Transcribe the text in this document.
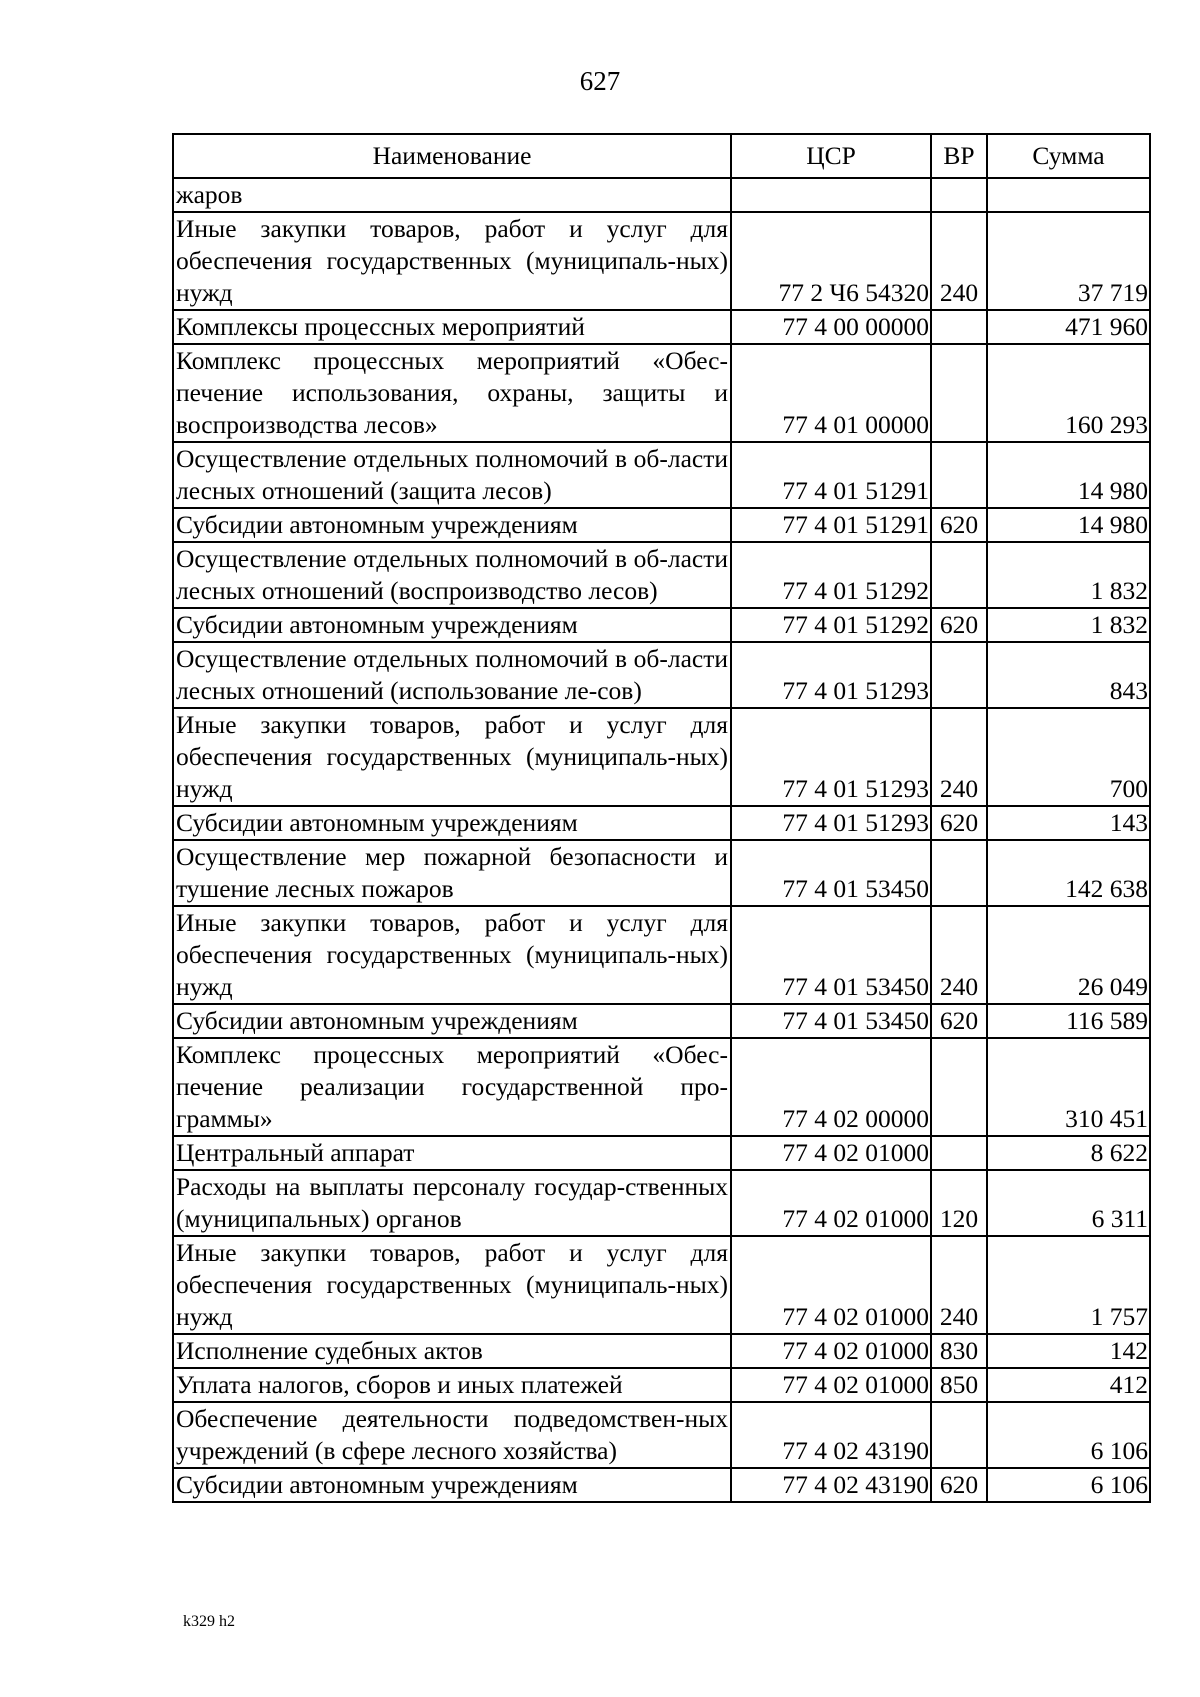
627
Наименование	ЦСР	ВР	Сумма
жаров			
Иные закупки товаров, работ и услуг для обеспечения государственных (муниципаль-ных) нужд	77 2 Ч6 54320	240	37 719
Комплексы процессных мероприятий	77 4 00 00000		471 960
Комплекс процессных мероприятий «Обес-печение использования, охраны, защиты и воспроизводства лесов»	77 4 01 00000		160 293
Осуществление отдельных полномочий в об-ласти лесных отношений (защита лесов)	77 4 01 51291		14 980
Субсидии автономным учреждениям	77 4 01 51291	620	14 980
Осуществление отдельных полномочий в об-ласти лесных отношений (воспроизводство лесов)	77 4 01 51292		1 832
Субсидии автономным учреждениям	77 4 01 51292	620	1 832
Осуществление отдельных полномочий в об-ласти лесных отношений (использование ле-сов)	77 4 01 51293		843
Иные закупки товаров, работ и услуг для обеспечения государственных (муниципаль-ных) нужд	77 4 01 51293	240	700
Субсидии автономным учреждениям	77 4 01 51293	620	143
Осуществление мер пожарной безопасности и тушение лесных пожаров	77 4 01 53450		142 638
Иные закупки товаров, работ и услуг для обеспечения государственных (муниципаль-ных) нужд	77 4 01 53450	240	26 049
Субсидии автономным учреждениям	77 4 01 53450	620	116 589
Комплекс процессных мероприятий «Обес-печение реализации государственной про-граммы»	77 4 02 00000		310 451
Центральный аппарат	77 4 02 01000		8 622
Расходы на выплаты персоналу государ-ственных (муниципальных) органов	77 4 02 01000	120	6 311
Иные закупки товаров, работ и услуг для обеспечения государственных (муниципаль-ных) нужд	77 4 02 01000	240	1 757
Исполнение судебных актов	77 4 02 01000	830	142
Уплата налогов, сборов и иных платежей	77 4 02 01000	850	412
Обеспечение деятельности подведомствен-ных учреждений (в сфере лесного хозяйства)	77 4 02 43190		6 106
Субсидии автономным учреждениям	77 4 02 43190	620	6 106
k329 h2
